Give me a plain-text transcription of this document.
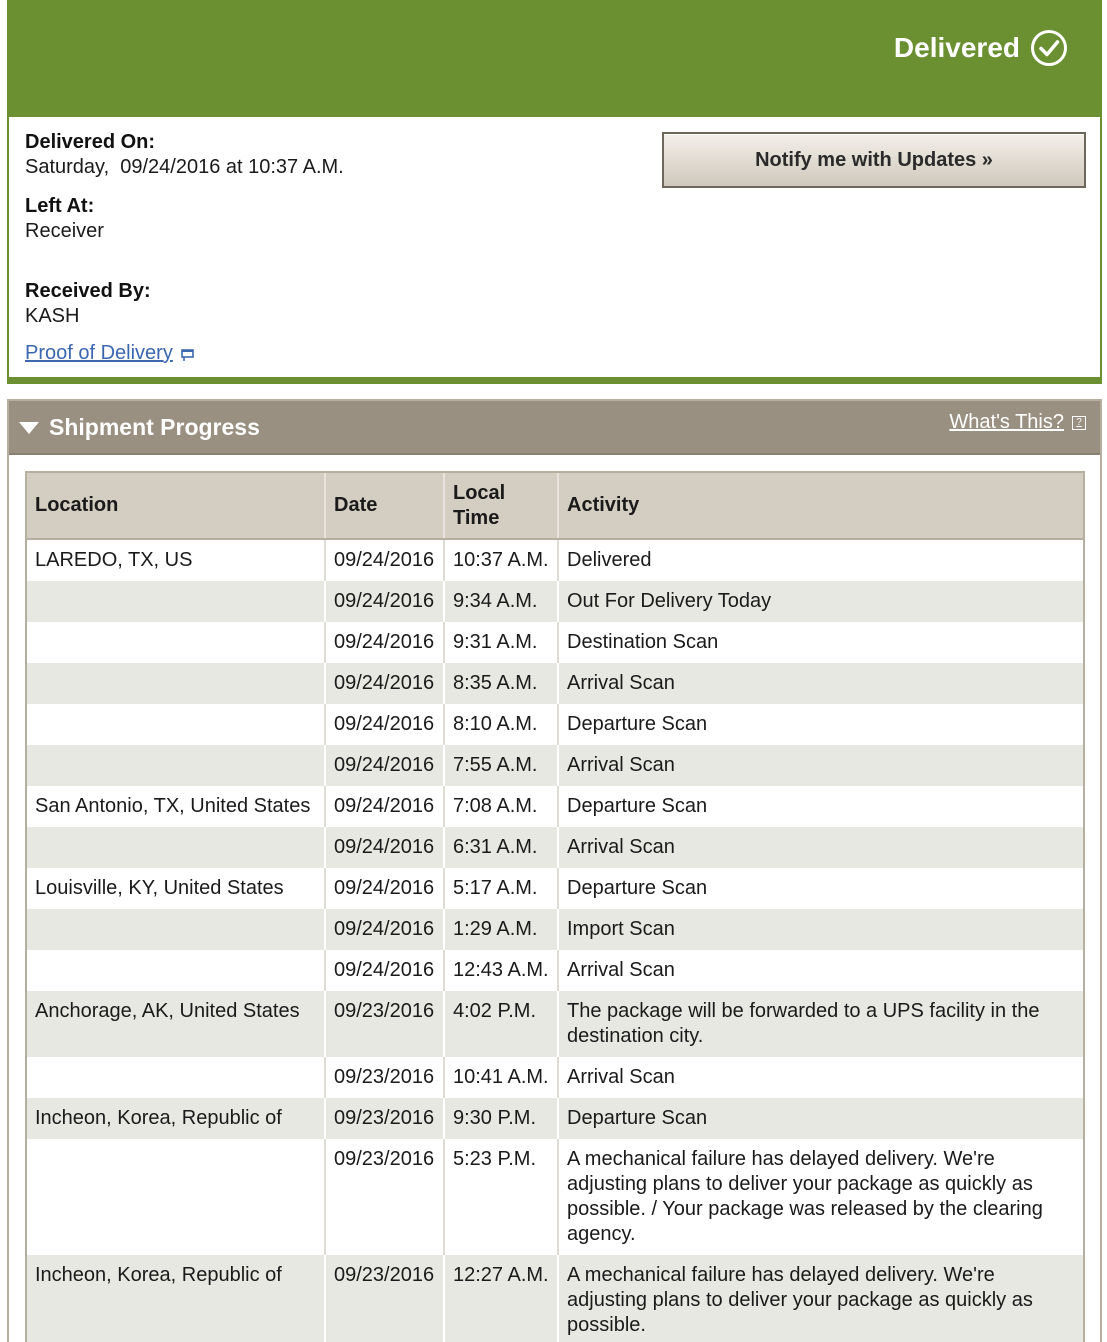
Delivered
Delivered On:
Saturday,  09/24/2016 at 10:37 A.M.
Left At:
Receiver
Received By:
KASH
Proof of Delivery
Notify me with Updates »
Shipment Progress	What's This?	?
Location	Date	Local Time	Activity
LAREDO, TX, US	09/24/2016	10:37 A.M.	Delivered
	09/24/2016	9:34 A.M.	Out For Delivery Today
	09/24/2016	9:31 A.M.	Destination Scan
	09/24/2016	8:35 A.M.	Arrival Scan
	09/24/2016	8:10 A.M.	Departure Scan
	09/24/2016	7:55 A.M.	Arrival Scan
San Antonio, TX, United States	09/24/2016	7:08 A.M.	Departure Scan
	09/24/2016	6:31 A.M.	Arrival Scan
Louisville, KY, United States	09/24/2016	5:17 A.M.	Departure Scan
	09/24/2016	1:29 A.M.	Import Scan
	09/24/2016	12:43 A.M.	Arrival Scan
Anchorage, AK, United States	09/23/2016	4:02 P.M.	The package will be forwarded to a UPS facility in the destination city.
	09/23/2016	10:41 A.M.	Arrival Scan
Incheon, Korea, Republic of	09/23/2016	9:30 P.M.	Departure Scan
	09/23/2016	5:23 P.M.	A mechanical failure has delayed delivery. We're adjusting plans to deliver your package as quickly as possible. / Your package was released by the clearing agency.
Incheon, Korea, Republic of	09/23/2016	12:27 A.M.	A mechanical failure has delayed delivery. We're adjusting plans to deliver your package as quickly as possible.
